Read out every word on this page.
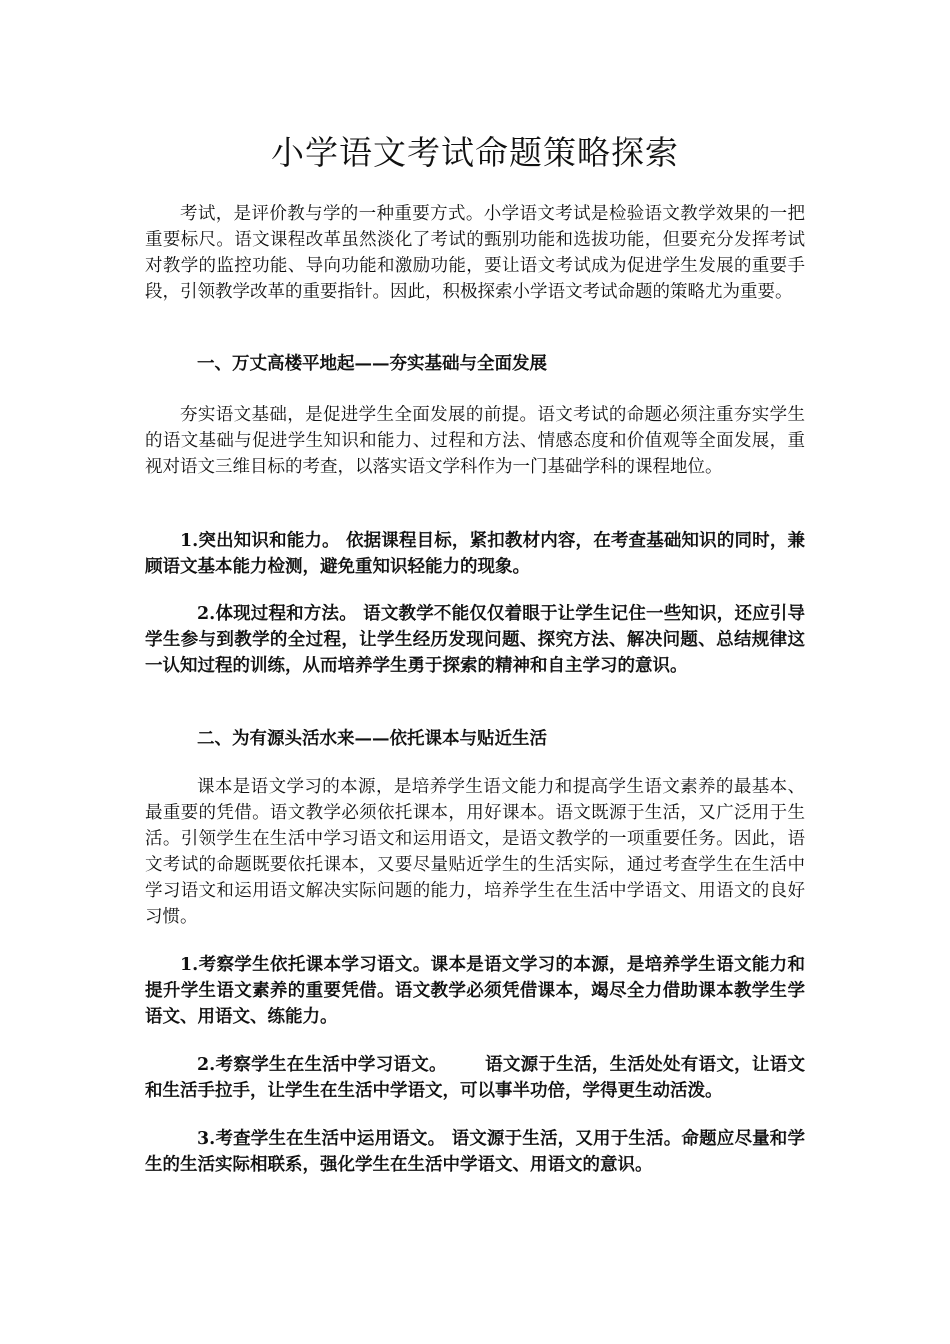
小学语文考试命题策略探索

考试，是评价教与学的一种重要方式。小学语文考试是检验语文教学效果的一把重要标尺。语文课程改革虽然淡化了考试的甄别功能和选拔功能，但要充分发挥考试对教学的监控功能、导向功能和激励功能，要让语文考试成为促进学生发展的重要手段，引领教学改革的重要指针。因此，积极探索小学语文考试命题的策略尤为重要。

一、万丈高楼平地起——夯实基础与全面发展

夯实语文基础，是促进学生全面发展的前提。语文考试的命题必须注重夯实学生的语文基础与促进学生知识和能力、过程和方法、情感态度和价值观等全面发展，重视对语文三维目标的考查，以落实语文学科作为一门基础学科的课程地位。

1.突出知识和能力。 依据课程目标，紧扣教材内容，在考查基础知识的同时，兼顾语文基本能力检测，避免重知识轻能力的现象。

2.体现过程和方法。 语文教学不能仅仅着眼于让学生记住一些知识，还应引导学生参与到教学的全过程，让学生经历发现问题、探究方法、解决问题、总结规律这一认知过程的训练，从而培养学生勇于探索的精神和自主学习的意识。

二、为有源头活水来——依托课本与贴近生活

课本是语文学习的本源，是培养学生语文能力和提高学生语文素养的最基本、最重要的凭借。语文教学必须依托课本，用好课本。语文既源于生活，又广泛用于生活。引领学生在生活中学习语文和运用语文，是语文教学的一项重要任务。因此，语文考试的命题既要依托课本，又要尽量贴近学生的生活实际，通过考查学生在生活中学习语文和运用语文解决实际问题的能力，培养学生在生活中学语文、用语文的良好习惯。

1.考察学生依托课本学习语文。课本是语文学习的本源，是培养学生语文能力和提升学生语文素养的重要凭借。语文教学必须凭借课本，竭尽全力借助课本教学生学语文、用语文、练能力。

2.考察学生在生活中学习语文。      语文源于生活，生活处处有语文，让语文和生活手拉手，让学生在生活中学语文，可以事半功倍，学得更生动活泼。

3.考查学生在生活中运用语文。 语文源于生活，又用于生活。命题应尽量和学生的生活实际相联系，强化学生在生活中学语文、用语文的意识。
